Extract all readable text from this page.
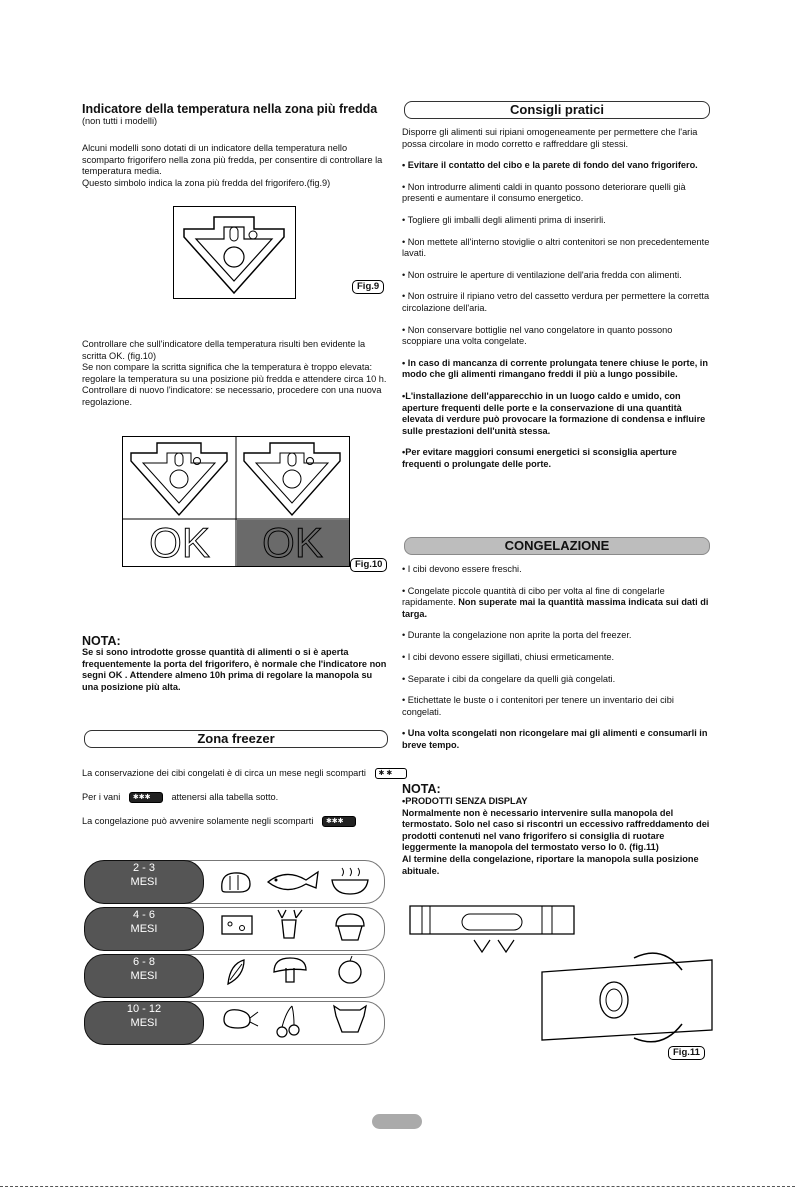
Indicatore della temperatura nella zona più fredda
(non tutti i modelli)

Alcuni modelli sono dotati di un indicatore della temperatura nello scomparto frigorifero nella zona più fredda, per consentire di controllare la temperatura media.

Questo simbolo indica la zona più fredda del frigorifero.(fig.9)

Fig.9

Controllare che sull'indicatore della temperatura risulti ben evidente la scritta OK. (fig.10)

Se non compare la scritta significa che la temperatura è troppo elevata: regolare la temperatura su una posizione più fredda e attendere circa 10 h. Controllare di nuovo l'indicatore: se necessario, procedere con una nuova regolazione.

OK	OK	Fig.10
NOTA:
Se si sono introdotte grosse quantità di alimenti o si è aperta frequentemente la porta del frigorifero, è normale che l'indicatore non segni OK . Attendere almeno 10h prima di regolare la manopola su una posizione più alta.
Zona freezer
La conservazione dei cibi congelati è di circa un mese negli scomparti ✱ ✱
Per i vani ✱✱✱ attenersi alla tabella sotto.
La congelazione può avvenire solamente negli scomparti ✱✱✱
2 - 3
MESI
4 - 6
MESI
6 - 8
MESI
10 - 12
MESI
Consigli pratici

Disporre gli alimenti sui ripiani omogeneamente per permettere che l'aria possa circolare in modo corretto e raffreddare gli stessi.

• Evitare il contatto del cibo e la parete di fondo del vano frigorifero.

• Non introdurre alimenti caldi in quanto possono deteriorare quelli già presenti e aumentare il consumo energetico.

• Togliere gli imballi degli alimenti prima di inserirli.

• Non mettete all'interno stoviglie o altri contenitori se non precedentemente lavati.

• Non ostruire le aperture di ventilazione dell'aria fredda con alimenti.

• Non ostruire il ripiano vetro del cassetto verdura per permettere la corretta circolazione dell'aria.

• Non conservare bottiglie nel vano congelatore in quanto possono scoppiare una volta congelate.

• In caso di mancanza di corrente prolungata tenere chiuse le porte, in modo che gli alimenti rimangano freddi il più a lungo possibile.

•L'installazione dell'apparecchio in un luogo caldo e umido, con aperture frequenti delle porte e la conservazione di una quantità elevata di verdure può provocare la formazione di condensa e influire sulle prestazioni dell'unità stessa.

•Per evitare maggiori consumi energetici si sconsiglia aperture frequenti o prolungate delle porte.

CONGELAZIONE

• I cibi devono essere freschi.

• Congelate piccole quantità di cibo per volta al fine di congelarle rapidamente. Non superate mai la quantità massima indicata sui dati di targa.

• Durante la congelazione non aprite la porta del freezer.

• I cibi devono essere sigillati, chiusi ermeticamente.

• Separate i cibi da congelare da quelli già congelati.

• Etichettate le buste o i contenitori per tenere un inventario dei cibi congelati.

• Una volta scongelati non ricongelare mai gli alimenti e consumarli in breve tempo.

NOTA:

•PRODOTTI SENZA DISPLAY

Normalmente non è necessario intervenire sulla manopola del termostato. Solo nel caso si riscontri un eccessivo raffreddamento dei prodotti contenuti nel vano frigorifero si consiglia di ruotare leggermente la manopola del termostato verso lo 0. (fig.11)

Al termine della congelazione, riportare la manopola sulla posizione abituale.

Fig.11
